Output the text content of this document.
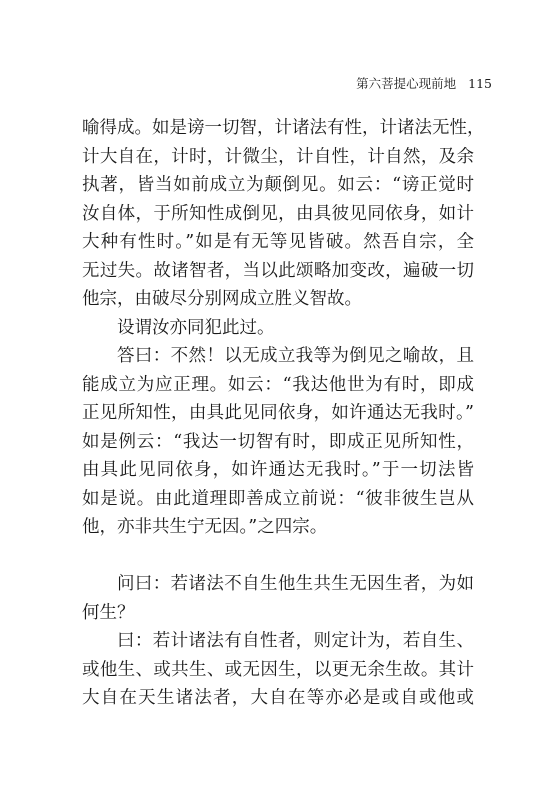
第六菩提心现前地 115
喻得成。如是谤一切智，计诸法有性，计诸法无性，
计大自在，计时，计微尘，计自性，计自然，及余
执著，皆当如前成立为颠倒见。如云：“谤正觉时
汝自体，于所知性成倒见，由具彼见同依身，如计
大种有性时。”如是有无等见皆破。然吾自宗，全
无过失。故诸智者，当以此颂略加变改，遍破一切
他宗，由破尽分别网成立胜义智故。
设谓汝亦同犯此过。
答曰：不然！以无成立我等为倒见之喻故，且
能成立为应正理。如云：“我达他世为有时，即成
正见所知性，由具此见同依身，如许通达无我时。”
如是例云：“我达一切智有时，即成正见所知性，
由具此见同依身，如许通达无我时。”于一切法皆
如是说。由此道理即善成立前说：“彼非彼生岂从
他，亦非共生宁无因。”之四宗。
问曰：若诸法不自生他生共生无因生者，为如
何生？
曰：若计诸法有自性者，则定计为，若自生、
或他生、或共生、或无因生，以更无余生故。其计
大自在天生诸法者，大自在等亦必是或自或他或
